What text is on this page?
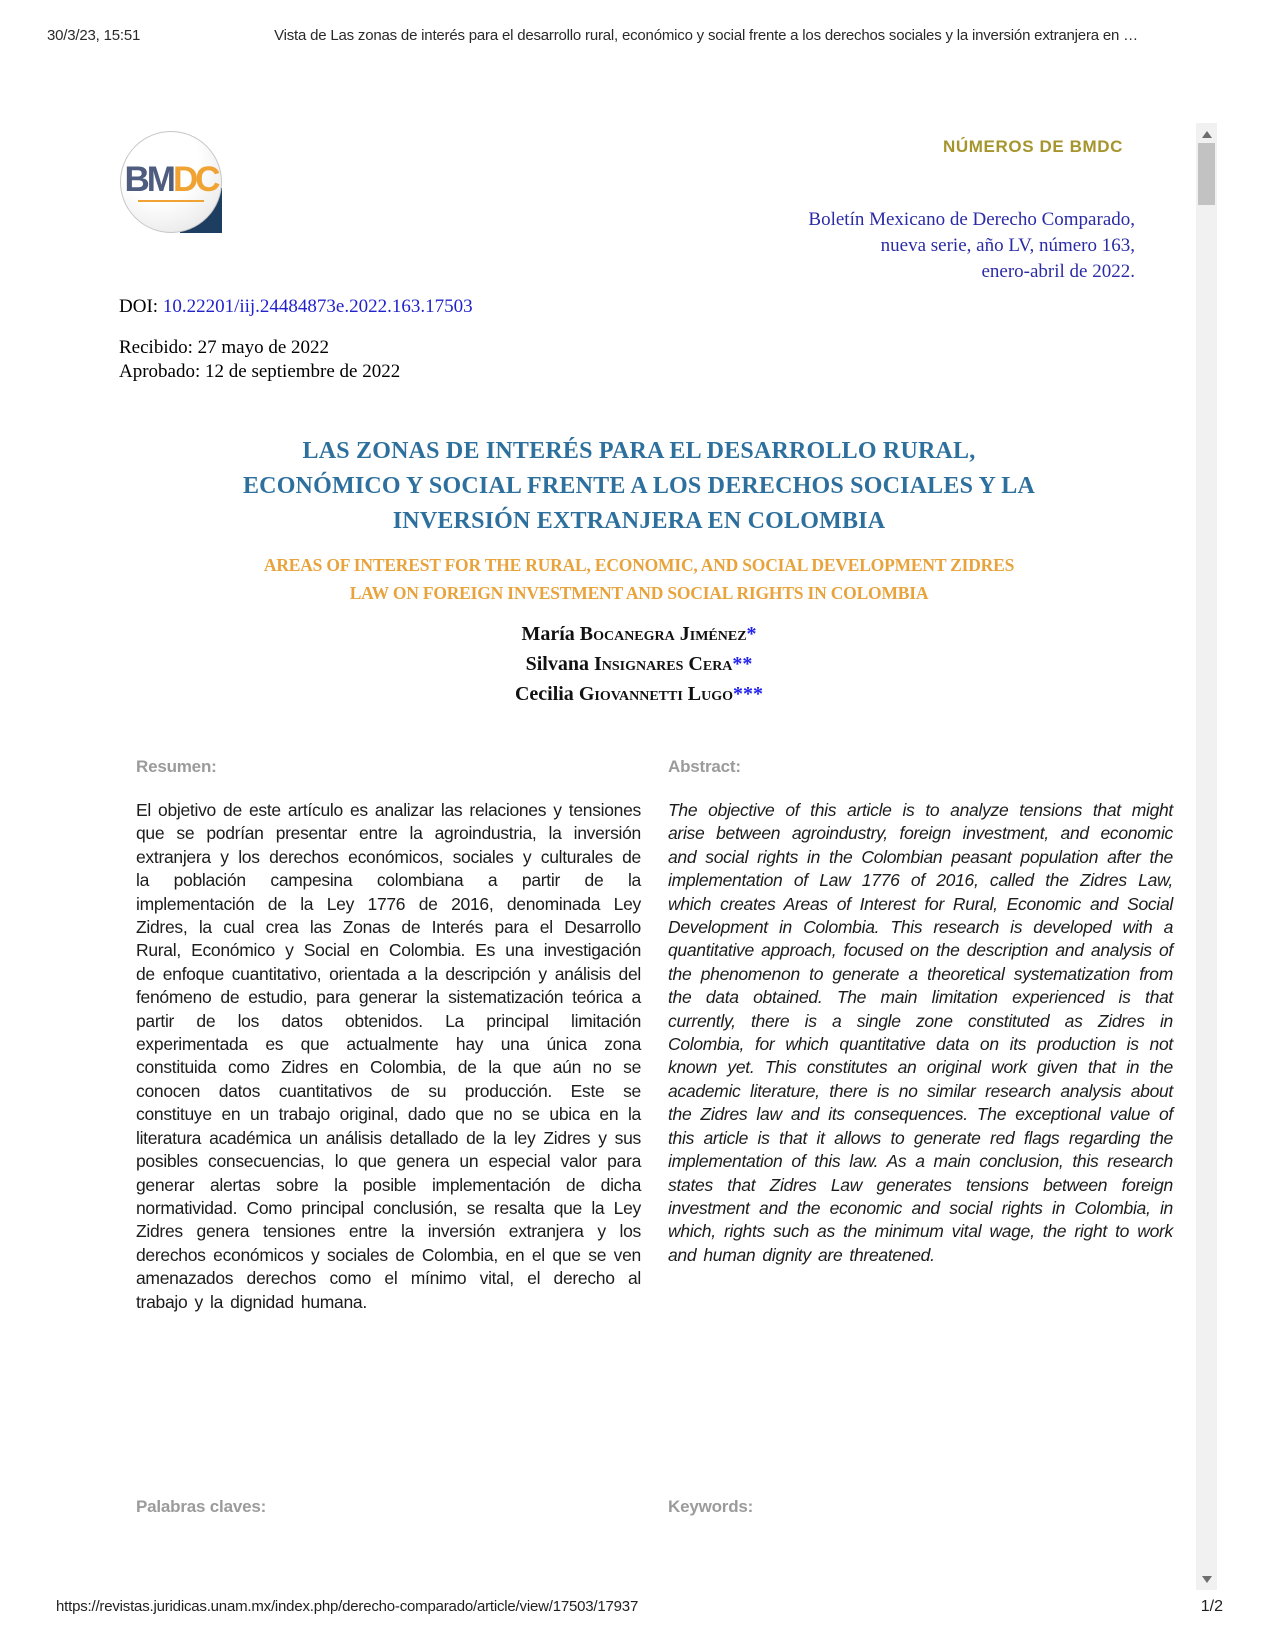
30/3/23, 15:51	Vista de Las zonas de interés para el desarrollo rural, económico y social frente a los derechos sociales y la inversión extranjera en …
BMDC
NÚMEROS DE BMDC
Boletín Mexicano de Derecho Comparado,
nueva serie, año LV, número 163,
enero-abril de 2022.
DOI: 10.22201/iij.24484873e.2022.163.17503
Recibido: 27 mayo de 2022
Aprobado: 12 de septiembre de 2022
LAS ZONAS DE INTERÉS PARA EL DESARROLLO RURAL,
ECONÓMICO Y SOCIAL FRENTE A LOS DERECHOS SOCIALES Y LA
INVERSIÓN EXTRANJERA EN COLOMBIA
AREAS OF INTEREST FOR THE RURAL, ECONOMIC, AND SOCIAL DEVELOPMENT ZIDRES
LAW ON FOREIGN INVESTMENT AND SOCIAL RIGHTS IN COLOMBIA
María Bocanegra Jiménez*
Silvana Insignares Cera**
Cecilia Giovannetti Lugo***
Resumen:

El objetivo de este artículo es analizar las relaciones y tensiones que se podrían presentar entre la agroindustria, la inversión extranjera y los derechos económicos, sociales y culturales de la población campesina colombiana a partir de la implementación de la Ley 1776 de 2016, denominada Ley Zidres, la cual crea las Zonas de Interés para el Desarrollo Rural, Económico y Social en Colombia. Es una investigación de enfoque cuantitativo, orientada a la descripción y análisis del fenómeno de estudio, para generar la sistematización teórica a partir de los datos obtenidos. La principal limitación experimentada es que actualmente hay una única zona constituida como Zidres en Colombia, de la que aún no se conocen datos cuantitativos de su producción. Este se constituye en un trabajo original, dado que no se ubica en la literatura académica un análisis detallado de la ley Zidres y sus posibles consecuencias, lo que genera un especial valor para generar alertas sobre la posible implementación de dicha normatividad. Como principal conclusión, se resalta que la Ley Zidres genera tensiones entre la inversión extranjera y los derechos económicos y sociales de Colombia, en el que se ven amenazados derechos como el mínimo vital, el derecho al trabajo y la dignidad humana.

Abstract:

The objective of this article is to analyze tensions that might arise between agroindustry, foreign investment, and economic and social rights in the Colombian peasant population after the implementation of Law 1776 of 2016, called the Zidres Law, which creates Areas of Interest for Rural, Economic and Social Development in Colombia. This research is developed with a quantitative approach, focused on the description and analysis of the phenomenon to generate a theoretical systematization from the data obtained. The main limitation experienced is that currently, there is a single zone constituted as Zidres in Colombia, for which quantitative data on its production is not known yet. This constitutes an original work given that in the academic literature, there is no similar research analysis about the Zidres law and its consequences. The exceptional value of this article is that it allows to generate red flags regarding the implementation of this law. As a main conclusion, this research states that Zidres Law generates tensions between foreign investment and the economic and social rights in Colombia, in which, rights such as the minimum vital wage, the right to work and human dignity are threatened.

Palabras claves:	Keywords:
https://revistas.juridicas.unam.mx/index.php/derecho-comparado/article/view/17503/17937	1/2
